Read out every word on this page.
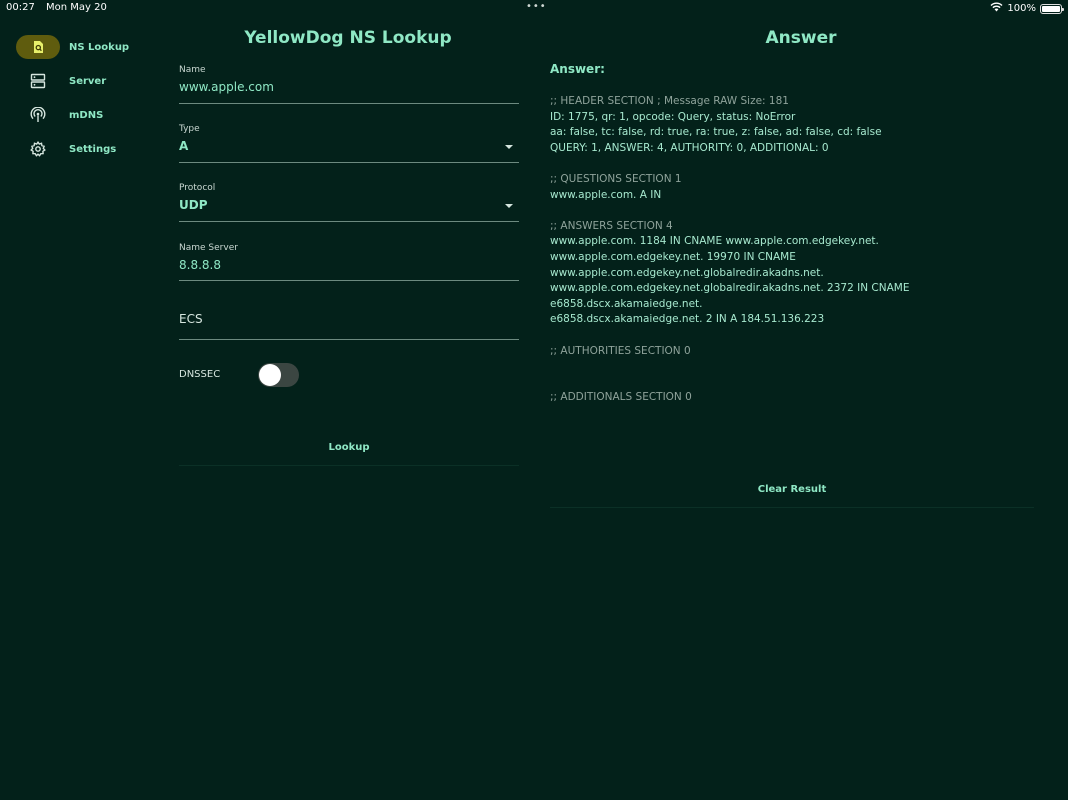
00:27 Mon May 20	•••	100%
NS Lookup
Server
mDNS
Settings
YellowDog NS Lookup
Name
www.apple.com
Type
A
Protocol
UDP
Name Server
8.8.8.8
ECS
DNSSEC
Lookup
Answer
Answer:
;; HEADER SECTION ; Message RAW Size: 181
ID: 1775, qr: 1, opcode: Query, status: NoError
aa: false, tc: false, rd: true, ra: true, z: false, ad: false, cd: false
QUERY: 1, ANSWER: 4, AUTHORITY: 0, ADDITIONAL: 0
;; QUESTIONS SECTION 1
www.apple.com. A IN
;; ANSWERS SECTION 4
www.apple.com. 1184 IN CNAME www.apple.com.edgekey.net.
www.apple.com.edgekey.net. 19970 IN CNAME
www.apple.com.edgekey.net.globalredir.akadns.net.
www.apple.com.edgekey.net.globalredir.akadns.net. 2372 IN CNAME
e6858.dscx.akamaiedge.net.
e6858.dscx.akamaiedge.net. 2 IN A 184.51.136.223
;; AUTHORITIES SECTION 0
;; ADDITIONALS SECTION 0
Clear Result
